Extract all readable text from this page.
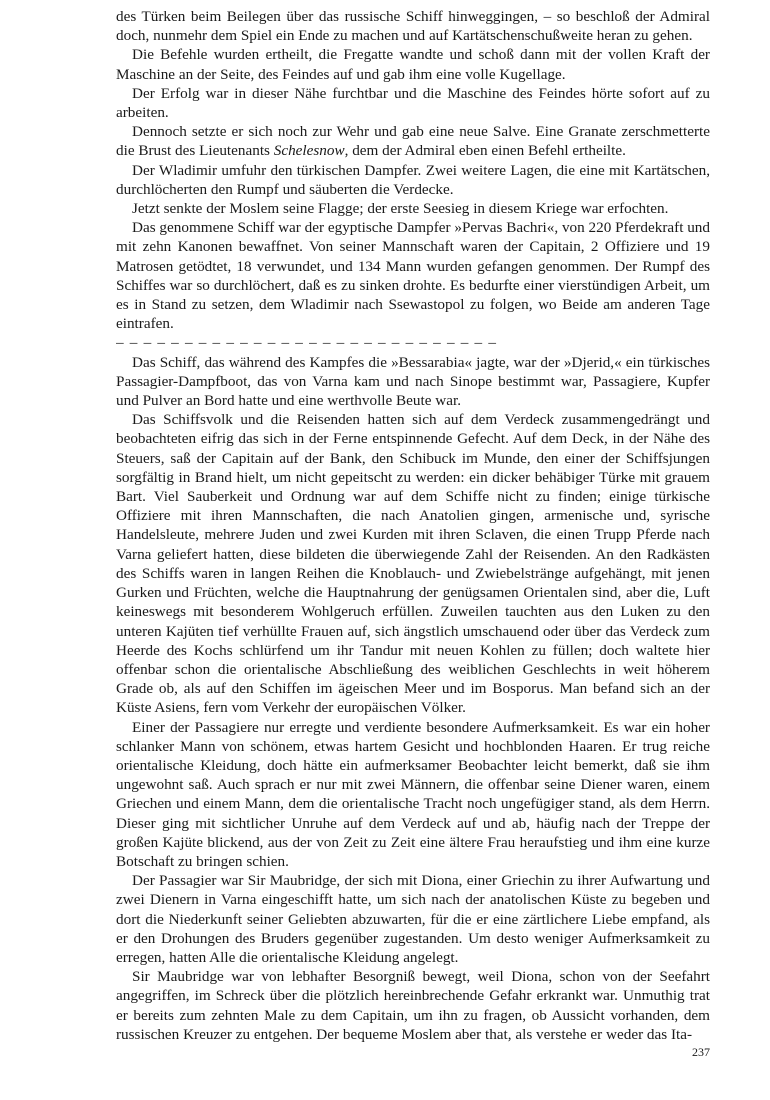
des Türken beim Beilegen über das russische Schiff hinweggingen, – so beschloß der Admiral doch, nunmehr dem Spiel ein Ende zu machen und auf Kartätschenschußweite heran zu gehen.

Die Befehle wurden ertheilt, die Fregatte wandte und schoß dann mit der vollen Kraft der Maschine an der Seite, des Feindes auf und gab ihm eine volle Kugellage.

Der Erfolg war in dieser Nähe furchtbar und die Maschine des Feindes hörte sofort auf zu arbeiten.

Dennoch setzte er sich noch zur Wehr und gab eine neue Salve. Eine Granate zerschmetterte die Brust des Lieutenants Schelesnow, dem der Admiral eben einen Befehl ertheilte.

Der Wladimir umfuhr den türkischen Dampfer. Zwei weitere Lagen, die eine mit Kartätschen, durchlöcherten den Rumpf und säuberten die Verdecke.

Jetzt senkte der Moslem seine Flagge; der erste Seesieg in diesem Kriege war erfochten.

Das genommene Schiff war der egyptische Dampfer »Pervas Bachri«, von 220 Pferdekraft und mit zehn Kanonen bewaffnet. Von seiner Mannschaft waren der Capitain, 2 Offiziere und 19 Matrosen getödtet, 18 verwundet, und 134 Mann wurden gefangen genommen. Der Rumpf des Schiffes war so durchlöchert, daß es zu sinken drohte. Es bedurfte einer vierstündigen Arbeit, um es in Stand zu setzen, dem Wladimir nach Ssewastopol zu folgen, wo Beide am anderen Tage eintrafen.

– – – – – – – – – – – – – – – – – – – – – – – – – – – –

Das Schiff, das während des Kampfes die »Bessarabia« jagte, war der »Djerid,« ein türkisches Passagier-Dampfboot, das von Varna kam und nach Sinope bestimmt war, Passagiere, Kupfer und Pulver an Bord hatte und eine werthvolle Beute war.

Das Schiffsvolk und die Reisenden hatten sich auf dem Verdeck zusammengedrängt und beobachteten eifrig das sich in der Ferne entspinnende Gefecht. Auf dem Deck, in der Nähe des Steuers, saß der Capitain auf der Bank, den Schibuck im Munde, den einer der Schiffsjungen sorgfältig in Brand hielt, um nicht gepeitscht zu werden: ein dicker behäbiger Türke mit grauem Bart. Viel Sauberkeit und Ordnung war auf dem Schiffe nicht zu finden; einige türkische Offiziere mit ihren Mannschaften, die nach Anatolien gingen, armenische und, syrische Handelsleute, mehrere Juden und zwei Kurden mit ihren Sclaven, die einen Trupp Pferde nach Varna geliefert hatten, diese bildeten die überwiegende Zahl der Reisenden. An den Radkästen des Schiffs waren in langen Reihen die Knoblauch- und Zwiebelstränge aufgehängt, mit jenen Gurken und Früchten, welche die Hauptnahrung der genügsamen Orientalen sind, aber die, Luft keineswegs mit besonderem Wohlgeruch erfüllen. Zuweilen tauchten aus den Luken zu den unteren Kajüten tief verhüllte Frauen auf, sich ängstlich umschauend oder über das Verdeck zum Heerde des Kochs schlürfend um ihr Tandur mit neuen Kohlen zu füllen; doch waltete hier offenbar schon die orientalische Abschließung des weiblichen Geschlechts in weit höherem Grade ob, als auf den Schiffen im ägeischen Meer und im Bosporus. Man befand sich an der Küste Asiens, fern vom Verkehr der europäischen Völker.

Einer der Passagiere nur erregte und verdiente besondere Aufmerksamkeit. Es war ein hoher schlanker Mann von schönem, etwas hartem Gesicht und hochblonden Haaren. Er trug reiche orientalische Kleidung, doch hätte ein aufmerksamer Beobachter leicht bemerkt, daß sie ihm ungewohnt saß. Auch sprach er nur mit zwei Männern, die offenbar seine Diener waren, einem Griechen und einem Mann, dem die orientalische Tracht noch ungefügiger stand, als dem Herrn. Dieser ging mit sichtlicher Unruhe auf dem Verdeck auf und ab, häufig nach der Treppe der großen Kajüte blickend, aus der von Zeit zu Zeit eine ältere Frau heraufstieg und ihm eine kurze Botschaft zu bringen schien.

Der Passagier war Sir Maubridge, der sich mit Diona, einer Griechin zu ihrer Aufwartung und zwei Dienern in Varna eingeschifft hatte, um sich nach der anatolischen Küste zu begeben und dort die Niederkunft seiner Geliebten abzuwarten, für die er eine zärtlichere Liebe empfand, als er den Drohungen des Bruders gegenüber zugestanden. Um desto weniger Aufmerksamkeit zu erregen, hatten Alle die orientalische Kleidung angelegt.

Sir Maubridge war von lebhafter Besorgniß bewegt, weil Diona, schon von der Seefahrt angegriffen, im Schreck über die plötzlich hereinbrechende Gefahr erkrankt war. Unmuthig trat er bereits zum zehnten Male zu dem Capitain, um ihn zu fragen, ob Aussicht vorhanden, dem russischen Kreuzer zu entgehen. Der bequeme Moslem aber that, als verstehe er weder das Ita-

237
